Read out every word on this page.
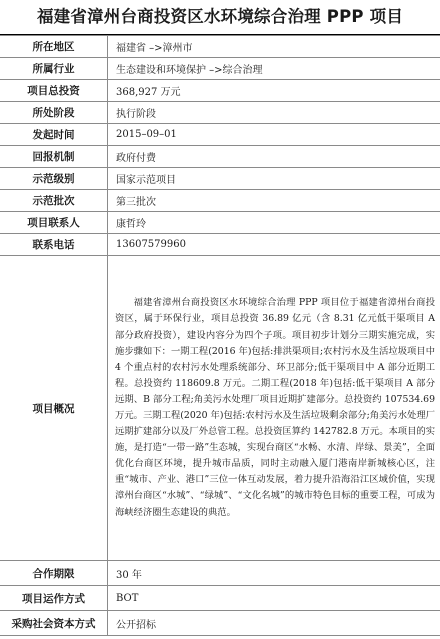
福建省漳州台商投资区水环境综合治理 PPP 项目
所在地区	福建省 –>漳州市
所属行业	生态建设和环境保护 –>综合治理
项目总投资	368,927 万元
所处阶段	执行阶段
发起时间	2015–09–01
回报机制	政府付费
示范级别	国家示范项目
示范批次	第三批次
项目联系人	康哲玲
联系电话	13607579960
项目概况	福建省漳州台商投资区水环境综合治理 PPP 项目位于福建省漳州台商投资区，属于环保行业，项目总投资 36.89 亿元（含 8.31 亿元低干渠项目 A 部分政府投资），建设内容分为四个子项。项目初步计划分三期实施完成，实施步骤如下：一期工程(2016 年)包括:排洪渠项目;农村污水及生活垃圾项目中 4 个重点村的农村污水处理系统部分、环卫部分;低干渠项目中 A 部分近期工程。总投资约 118609.8 万元。二期工程(2018 年)包括:低干渠项目 A 部分远期、B 部分工程;角美污水处理厂项目近期扩建部分。总投资约 107534.69 万元。三期工程(2020 年)包括:农村污水及生活垃圾剩余部分;角美污水处理厂远期扩建部分以及厂外总管工程。总投资匡算约 142782.8 万元。本项目的实施，是打造“一带一路”生态城，实现台商区“水畅、水清、岸绿、景美”，全面优化台商区环境，提升城市品质，同时主动融入厦门港南岸新城核心区，注重“城市、产业、港口”三位一体互动发展，着力提升沿海沿江区域价值，实现漳州台商区“水城”、“绿城”、“文化名城”的城市特色目标的重要工程，可成为海峡经济圈生态建设的典范。

合作期限	30 年
项目运作方式	BOT
采购社会资本方式	公开招标
